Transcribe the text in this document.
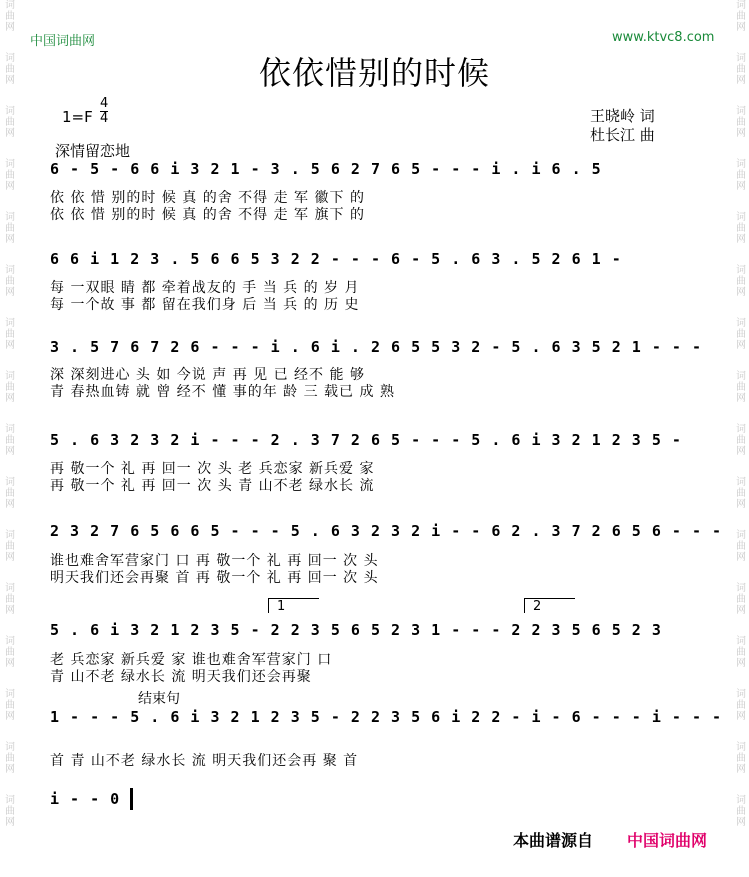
词
曲
网
词
曲
网
词
曲
网
词
曲
网
词
曲
网
词
曲
网
词
曲
网
词
曲
网
词
曲
网
词
曲
网
词
曲
网
词
曲
网
词
曲
网
词
曲
网
词
曲
网
词
曲
网
词
曲
网
词
曲
网
词
曲
网
词
曲
网
词
曲
网
词
曲
网
词
曲
网
词
曲
网
词
曲
网
词
曲
网
词
曲
网
词
曲
网
词
曲
网
词
曲
网
词
曲
网
词
曲
网
中国词曲网	www.ktvc8.com
依依惜别的时候
$1=F \frac{4}{4}$	王晓岭 词
杜长江 曲
深情留恋地
6 - 5 - 6 6 i 3 2 1 - 3 . 5 6 2 7 6 5 - - - i . i 6 . 5
依 依 惜 别的时 候 真 的舍 不得 走 军 徽下 的
依 依 惜 别的时 候 真 的舍 不得 走 军 旗下 的
6 6 i 1 2 3 . 5 6 6 5 3 2 2 - - - 6 - 5 . 6 3 . 5 2 6 1 -
每 一双眼 睛 都 牵着战友的 手 当 兵 的 岁 月
每 一个故 事 都 留在我们身 后 当 兵 的 历 史
3 . 5 7 6 7 2 6 - - - i . 6 i . 2 6 5 5 3 2 - 5 . 6 3 5 2 1 - - -
深 深刻进心 头 如 今说 声 再 见 已 经不 能 够
青 春热血铸 就 曾 经不 懂 事的年 龄 三 载已 成 熟
5 . 6 3 2 3 2 i - - - 2 . 3 7 2 6 5 - - - 5 . 6 i 3 2 1 2 3 5 -
再 敬一个 礼 再 回一 次 头 老 兵恋家 新兵爱 家
再 敬一个 礼 再 回一 次 头 青 山不老 绿水长 流
2 3 2 7 6 5 6 6 5 - - - 5 . 6 3 2 3 2 i - - 6 2 . 3 7 2 6 5 6 - - -
谁也难舍军营家门 口 再 敬一个 礼 再 回一 次 头
明天我们还会再聚 首 再 敬一个 礼 再 回一 次 头
1	2
5 . 6 i 3 2 1 2 3 5 - 2 2 3 5 6 5 2 3 1 - - - 2 2 3 5 6 5 2 3
老 兵恋家 新兵爱 家 谁也难舍军营家门 口
青 山不老 绿水长 流 明天我们还会再聚
结束句
1 - - - 5 . 6 i 3 2 1 2 3 5 - 2 2 3 5 6 i 2 2 - i - 6 - - - i - - -
首 青 山不老 绿水长 流 明天我们还会再 聚 首
i - - 0
本曲谱源自 中国词曲网
